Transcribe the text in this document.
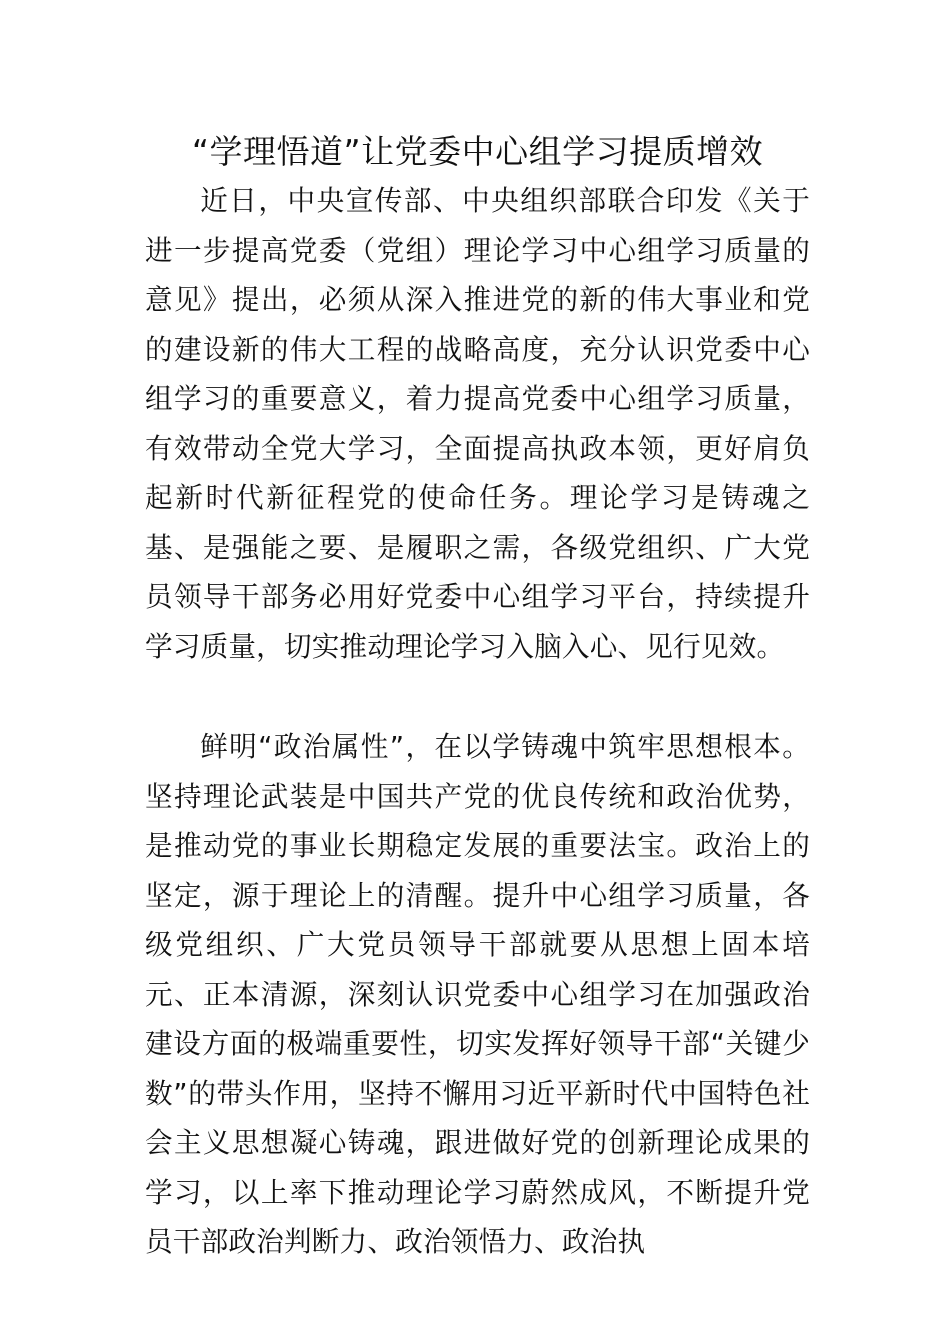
“学理悟道”让党委中心组学习提质增效

近日，中央宣传部、中央组织部联合印发《关于进一步提高党委（党组）理论学习中心组学习质量的意见》提出，必须从深入推进党的新的伟大事业和党的建设新的伟大工程的战略高度，充分认识党委中心组学习的重要意义，着力提高党委中心组学习质量，有效带动全党大学习，全面提高执政本领，更好肩负起新时代新征程党的使命任务。理论学习是铸魂之基、是强能之要、是履职之需，各级党组织、广大党员领导干部务必用好党委中心组学习平台，持续提升学习质量，切实推动理论学习入脑入心、见行见效。

鲜明“政治属性”，在以学铸魂中筑牢思想根本。坚持理论武装是中国共产党的优良传统和政治优势，是推动党的事业长期稳定发展的重要法宝。政治上的坚定，源于理论上的清醒。提升中心组学习质量，各级党组织、广大党员领导干部就要从思想上固本培元、正本清源，深刻认识党委中心组学习在加强政治建设方面的极端重要性，切实发挥好领导干部“关键少数”的带头作用，坚持不懈用习近平新时代中国特色社会主义思想凝心铸魂，跟进做好党的创新理论成果的学习，以上率下推动理论学习蔚然成风，不断提升党员干部政治判断力、政治领悟力、政治执
